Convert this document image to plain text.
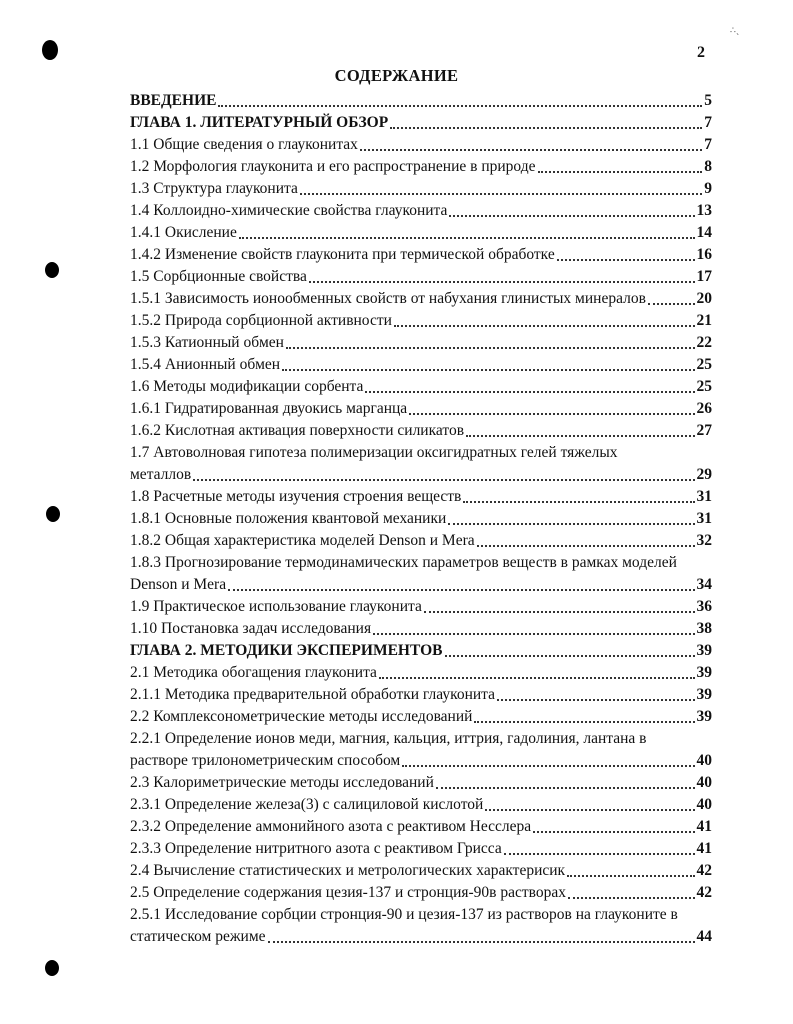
∴ˎ
2
СОДЕРЖАНИЕ
ВВЕДЕНИЕ	5
ГЛАВА 1. ЛИТЕРАТУРНЫЙ ОБЗОР	7
1.1 Общие сведения о глауконитах	7
1.2 Морфология глауконита и его распространение в природе	8
1.3 Структура глауконита	9
1.4 Коллоидно-химические свойства глауконита	13
1.4.1 Окисление	14
1.4.2 Изменение свойств глауконита при термической обработке	16
1.5 Сорбционные свойства	17
1.5.1 Зависимость ионообменных свойств от набухания глинистых минералов	20
1.5.2 Природа сорбционной активности	21
1.5.3 Катионный обмен	22
1.5.4 Анионный обмен	25
1.6 Методы модификации сорбента	25
1.6.1 Гидратированная двуокись марганца	26
1.6.2 Кислотная активация поверхности силикатов	27
1.7 Автоволновая гипотеза полимеризации оксигидратных гелей тяжелых
металлов	29
1.8 Расчетные методы изучения строения веществ	31
1.8.1 Основные положения квантовой механики	31
1.8.2 Общая характеристика моделей Denson и Mera	32
1.8.3 Прогнозирование термодинамических параметров веществ в рамках моделей
Denson и Mera	34
1.9 Практическое использование глауконита	36
1.10 Постановка задач исследования	38
ГЛАВА 2. МЕТОДИКИ ЭКСПЕРИМЕНТОВ	39
2.1 Методика обогащения глауконита	39
2.1.1 Методика предварительной обработки глауконита	39
2.2 Комплексонометрические методы исследований	39
2.2.1 Определение ионов меди, магния, кальция, иттрия, гадолиния, лантана в
растворе трилонометрическим способом	40
2.3 Калориметрические методы исследований	40
2.3.1 Определение железа(3) с салициловой кислотой	40
2.3.2 Определение аммонийного азота с реактивом Несслера	41
2.3.3 Определение нитритного азота с реактивом Грисса	41
2.4 Вычисление статистических и метрологических характерисик	42
2.5 Определение содержания цезия-137 и стронция-90в растворах	42
2.5.1 Исследование сорбции стронция-90 и цезия-137 из растворов на глауконите в
статическом режиме	44
